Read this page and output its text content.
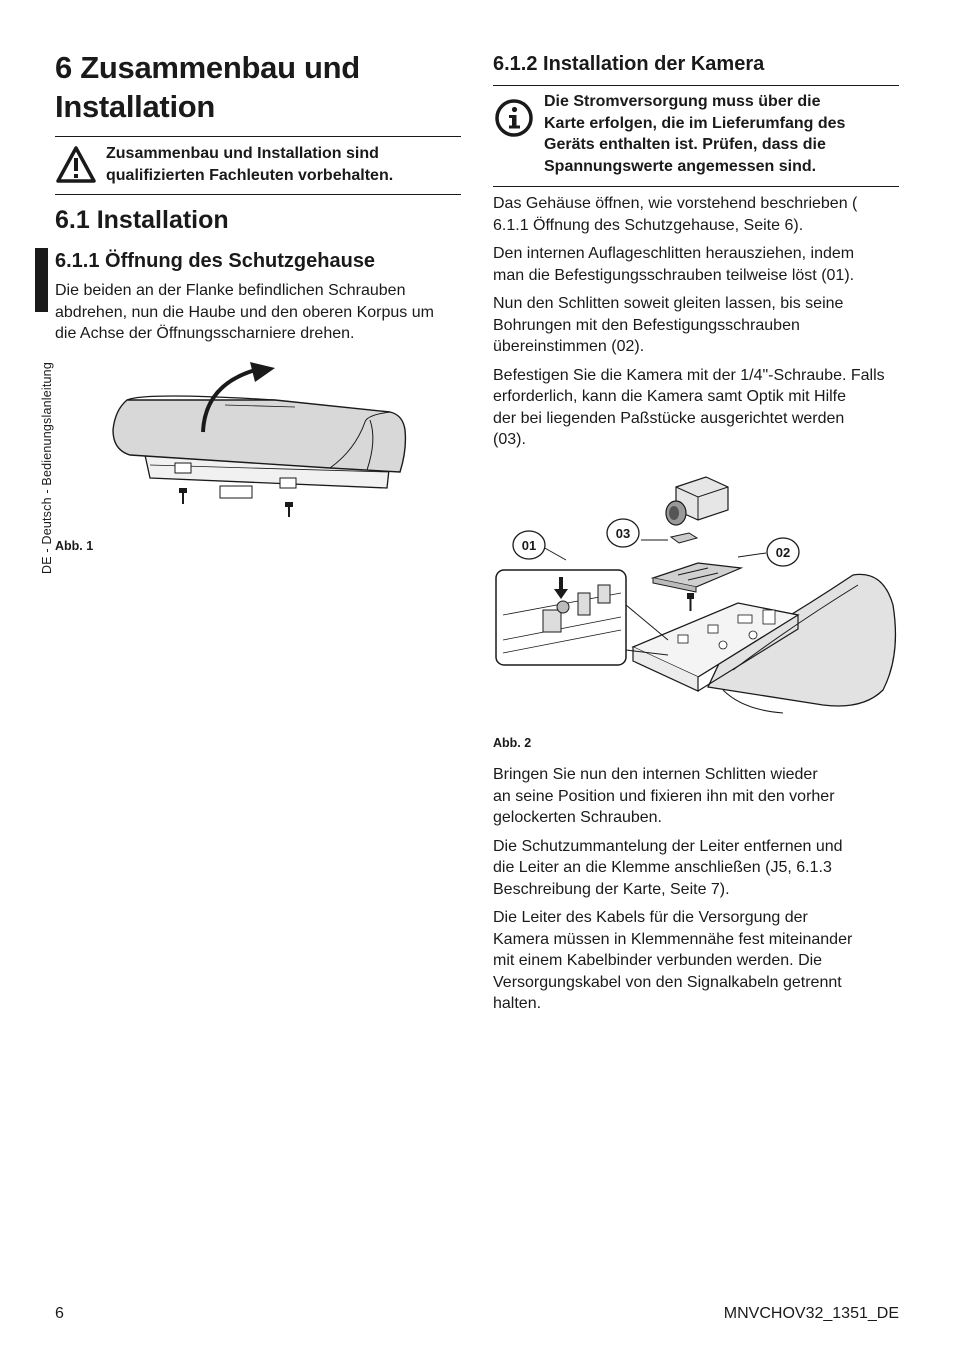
6 Zusammenbau und
Installation
Zusammenbau und Installation sind
qualifizierten Fachleuten vorbehalten.
6.1 Installation
DE - Deutsch - Bedienungslanleitung
6.1.1 Öffnung des Schutzgehause
Die beiden an der Flanke befindlichen Schrauben
abdrehen, nun die Haube und den oberen Korpus um
die Achse der Öffnungsscharniere drehen.
Abb. 1
6.1.2 Installation der Kamera
Die Stromversorgung muss über die
Karte erfolgen, die im Lieferumfang des
Geräts enthalten ist. Prüfen, dass die
Spannungswerte angemessen sind.

Das Gehäuse öffnen, wie vorstehend beschrieben (
6.1.1 Öffnung des Schutzgehause, Seite 6).

Den internen Auflageschlitten herausziehen, indem
man die Befestigungsschrauben teilweise löst (01).

Nun den Schlitten soweit gleiten lassen, bis seine
Bohrungen mit den Befestigungsschrauben
übereinstimmen (02).

Befestigen Sie die Kamera mit der 1/4"-Schraube. Falls
erforderlich, kann die Kamera samt Optik mit Hilfe
der bei liegenden Paßstücke ausgerichtet werden
(03).

01
03
02
Abb. 2

Bringen Sie nun den internen Schlitten wieder
an seine Position und fixieren ihn mit den vorher
gelockerten Schrauben.

Die Schutzummantelung der Leiter entfernen und
die Leiter an die Klemme anschließen (J5, 6.1.3
Beschreibung der Karte, Seite 7).

Die Leiter des Kabels für die Versorgung der
Kamera müssen in Klemmennähe fest miteinander
mit einem Kabelbinder verbunden werden. Die
Versorgungskabel von den Signalkabeln getrennt
halten.

6	MNVCHOV32_1351_DE
